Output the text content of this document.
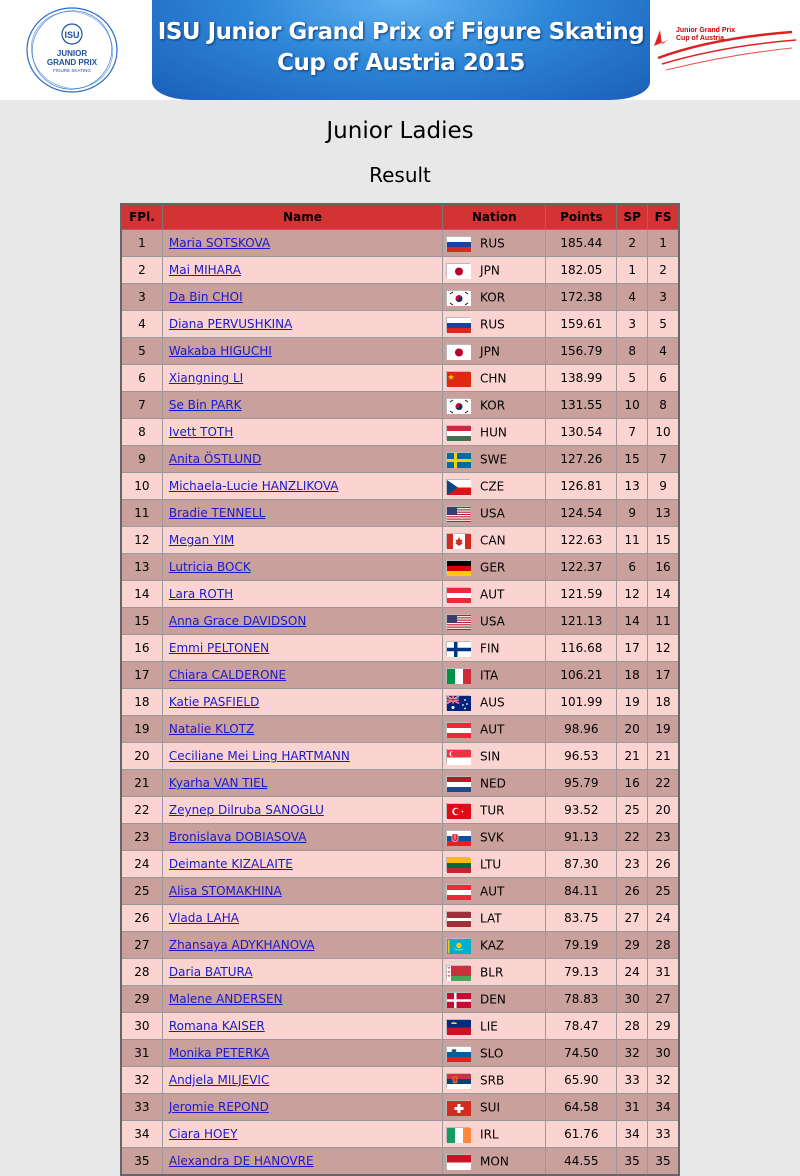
ISU
JUNIOR
GRAND PRIX
FIGURE SKATING
ISU Junior Grand Prix of Figure Skating
Cup of Austria 2015
Junior Grand Prix
Cup of Austria
Junior Ladies
Result
FPl.	Name	Nation	Points	SP	FS
1	Maria SOTSKOVA	RUS	185.44	2	1
2	Mai MIHARA	JPN	182.05	1	2
3	Da Bin CHOI	KOR	172.38	4	3
4	Diana PERVUSHKINA	RUS	159.61	3	5
5	Wakaba HIGUCHI	JPN	156.79	8	4
6	Xiangning LI	CHN	138.99	5	6
7	Se Bin PARK	KOR	131.55	10	8
8	Ivett TOTH	HUN	130.54	7	10
9	Anita ÖSTLUND	SWE	127.26	15	7
10	Michaela-Lucie HANZLIKOVA	CZE	126.81	13	9
11	Bradie TENNELL	USA	124.54	9	13
12	Megan YIM	CAN	122.63	11	15
13	Lutricia BOCK	GER	122.37	6	16
14	Lara ROTH	AUT	121.59	12	14
15	Anna Grace DAVIDSON	USA	121.13	14	11
16	Emmi PELTONEN	FIN	116.68	17	12
17	Chiara CALDERONE	ITA	106.21	18	17
18	Katie PASFIELD	AUS	101.99	19	18
19	Natalie KLOTZ	AUT	98.96	20	19
20	Ceciliane Mei Ling HARTMANN	SIN	96.53	21	21
21	Kyarha VAN TIEL	NED	95.79	16	22
22	Zeynep Dilruba SANOGLU	TUR	93.52	25	20
23	Bronislava DOBIASOVA	SVK	91.13	22	23
24	Deimante KIZALAITE	LTU	87.30	23	26
25	Alisa STOMAKHINA	AUT	84.11	26	25
26	Vlada LAHA	LAT	83.75	27	24
27	Zhansaya ADYKHANOVA	KAZ	79.19	29	28
28	Daria BATURA	BLR	79.13	24	31
29	Malene ANDERSEN	DEN	78.83	30	27
30	Romana KAISER	LIE	78.47	28	29
31	Monika PETERKA	SLO	74.50	32	30
32	Andjela MILJEVIC	SRB	65.90	33	32
33	Jeromie REPOND	SUI	64.58	31	34
34	Ciara HOEY	IRL	61.76	34	33
35	Alexandra DE HANOVRE	MON	44.55	35	35
